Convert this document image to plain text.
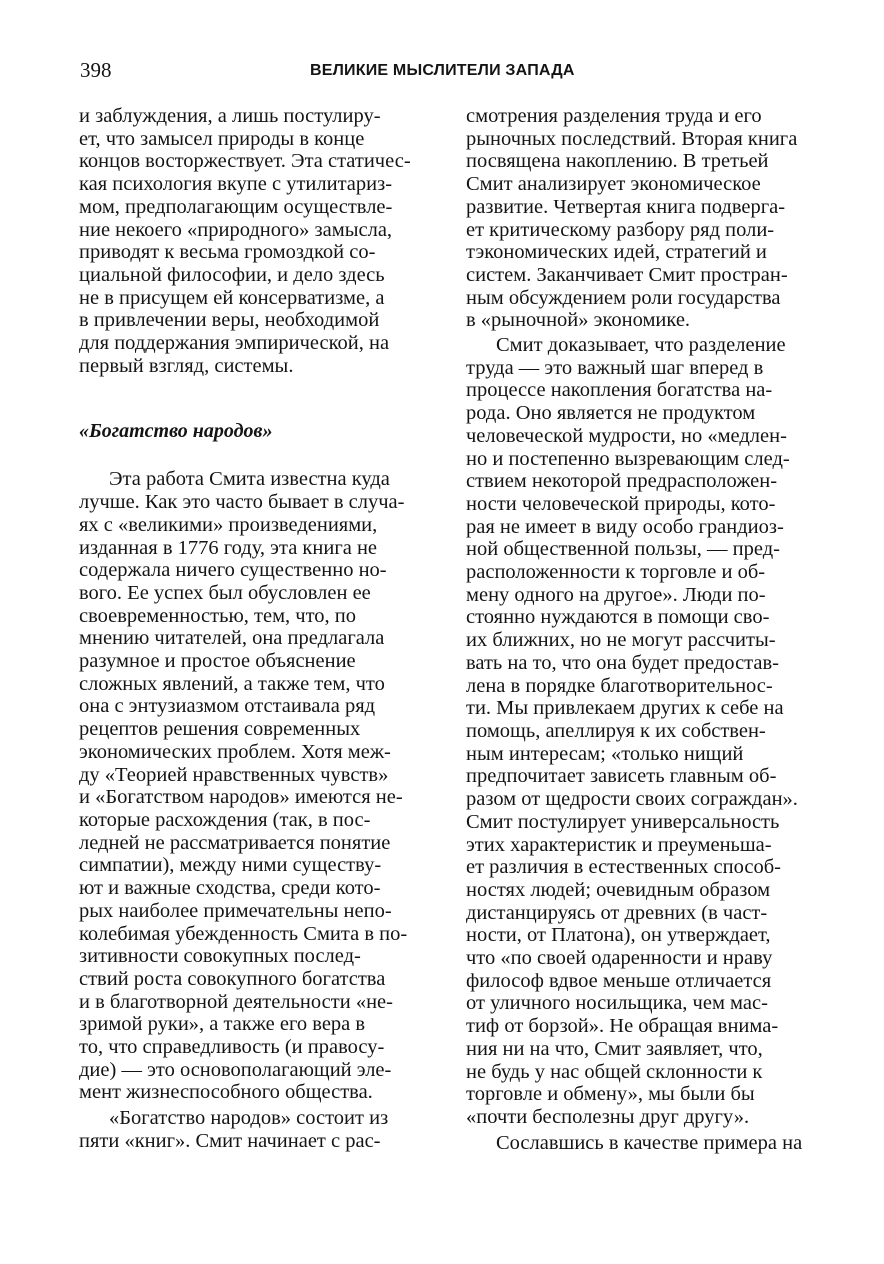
398	ВЕЛИКИЕ МЫСЛИТЕЛИ ЗАПАДА

и заблуждения, а лишь постулиру-
ет, что замысел природы в конце
концов восторжествует. Эта статичес-
кая психология вкупе с утилитариз-
мом, предполагающим осуществле-
ние некоего «природного» замысла,
приводят к весьма громоздкой со-
циальной философии, и дело здесь
не в присущем ей консерватизме, а
в привлечении веры, необходимой
для поддержания эмпирической, на
первый взгляд, системы.

«Богатство народов»

Эта работа Смита известна куда
лучше. Как это часто бывает в случа-
ях с «великими» произведениями,
изданная в 1776 году, эта книга не
содержала ничего существенно но-
вого. Ее успех был обусловлен ее
своевременностью, тем, что, по
мнению читателей, она предлагала
разумное и простое объяснение
сложных явлений, а также тем, что
она с энтузиазмом отстаивала ряд
рецептов решения современных
экономических проблем. Хотя меж-
ду «Теорией нравственных чувств»
и «Богатством народов» имеются не-
которые расхождения (так, в пос-
ледней не рассматривается понятие
симпатии), между ними существу-
ют и важные сходства, среди кото-
рых наиболее примечательны непо-
колебимая убежденность Смита в по-
зитивности совокупных послед-
ствий роста совокупного богатства
и в благотворной деятельности «не-
зримой руки», а также его вера в
то, что справедливость (и правосу-
дие) — это основополагающий эле-
мент жизнеспособного общества.

«Богатство народов» состоит из
пяти «книг». Смит начинает с рас-

смотрения разделения труда и его
рыночных последствий. Вторая книга
посвящена накоплению. В третьей
Смит анализирует экономическое
развитие. Четвертая книга подверга-
ет критическому разбору ряд поли-
тэкономических идей, стратегий и
систем. Заканчивает Смит простран-
ным обсуждением роли государства
в «рыночной» экономике.

Смит доказывает, что разделение
труда — это важный шаг вперед в
процессе накопления богатства на-
рода. Оно является не продуктом
человеческой мудрости, но «медлен-
но и постепенно вызревающим след-
ствием некоторой предрасположен-
ности человеческой природы, кото-
рая не имеет в виду особо грандиоз-
ной общественной пользы, — пред-
расположенности к торговле и об-
мену одного на другое». Люди по-
стоянно нуждаются в помощи сво-
их ближних, но не могут рассчиты-
вать на то, что она будет предостав-
лена в порядке благотворительнос-
ти. Мы привлекаем других к себе на
помощь, апеллируя к их собствен-
ным интересам; «только нищий
предпочитает зависеть главным об-
разом от щедрости своих сограждан».
Смит постулирует универсальность
этих характеристик и преуменьша-
ет различия в естественных способ-
ностях людей; очевидным образом
дистанцируясь от древних (в част-
ности, от Платона), он утверждает,
что «по своей одаренности и нраву
философ вдвое меньше отличается
от уличного носильщика, чем мас-
тиф от борзой». Не обращая внима-
ния ни на что, Смит заявляет, что,
не будь у нас общей склонности к
торговле и обмену», мы были бы
«почти бесполезны друг другу».

Сославшись в качестве примера на
